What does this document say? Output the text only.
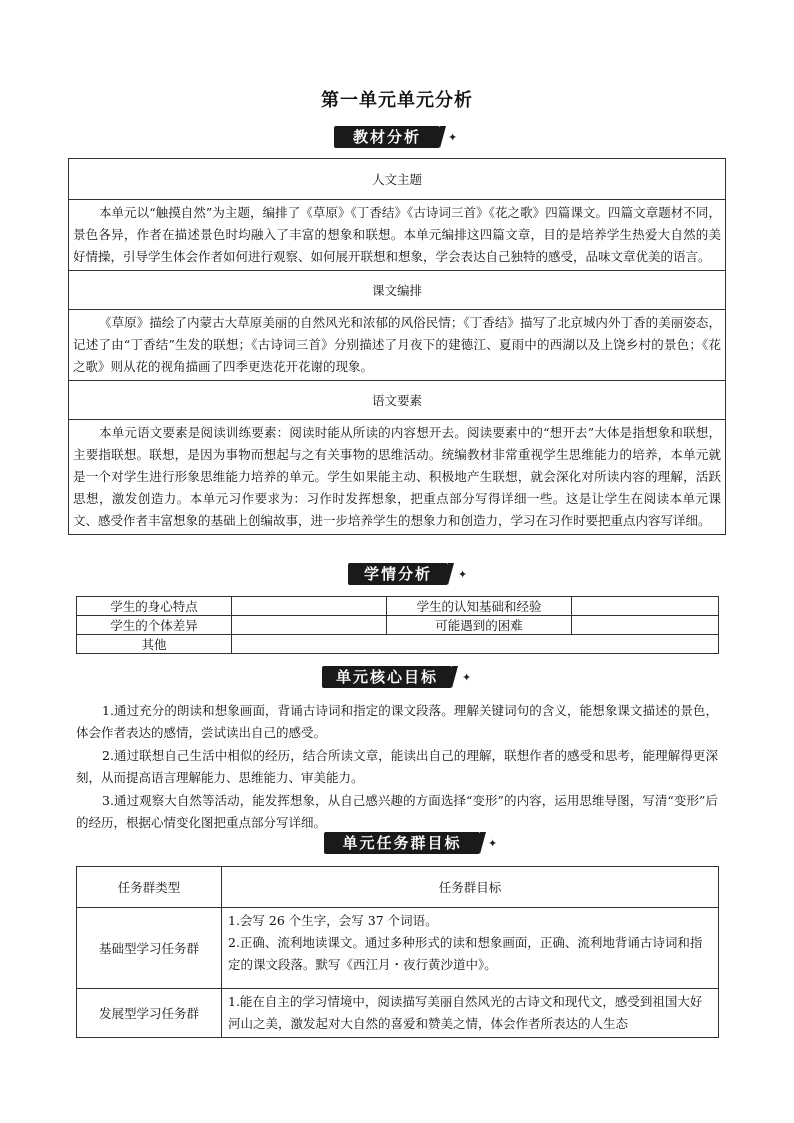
第一单元单元分析
教材分析	✦
人文主题
本单元以“触摸自然”为主题，编排了《草原》《丁香结》《古诗词三首》《花之歌》四篇课文。四篇文章题材不同，景色各异，作者在描述景色时均融入了丰富的想象和联想。本单元编排这四篇文章，目的是培养学生热爱大自然的美好情操，引导学生体会作者如何进行观察、如何展开联想和想象，学会表达自己独特的感受，品味文章优美的语言。
课文编排
《草原》描绘了内蒙古大草原美丽的自然风光和浓郁的风俗民情；《丁香结》描写了北京城内外丁香的美丽姿态，记述了由“丁香结”生发的联想；《古诗词三首》分别描述了月夜下的建德江、夏雨中的西湖以及上饶乡村的景色；《花之歌》则从花的视角描画了四季更迭花开花谢的现象。
语文要素
本单元语文要素是阅读训练要素：阅读时能从所读的内容想开去。阅读要素中的“想开去”大体是指想象和联想，主要指联想。联想，是因为事物而想起与之有关事物的思维活动。统编教材非常重视学生思维能力的培养，本单元就是一个对学生进行形象思维能力培养的单元。学生如果能主动、积极地产生联想，就会深化对所读内容的理解，活跃思想，激发创造力。本单元习作要求为：习作时发挥想象，把重点部分写得详细一些。这是让学生在阅读本单元课文、感受作者丰富想象的基础上创编故事，进一步培养学生的想象力和创造力，学习在习作时要把重点内容写详细。
学情分析	✦
学生的身心特点		学生的认知基础和经验	
学生的个体差异		可能遇到的困难	
其他			
单元核心目标	✦

1.通过充分的朗读和想象画面，背诵古诗词和指定的课文段落。理解关键词句的含义，能想象课文描述的景色，体会作者表达的感情，尝试读出自己的感受。

2.通过联想自己生活中相似的经历，结合所读文章，能读出自己的理解，联想作者的感受和思考，能理解得更深刻，从而提高语言理解能力、思维能力、审美能力。

3.通过观察大自然等活动，能发挥想象，从自己感兴趣的方面选择“变形”的内容，运用思维导图，写清“变形”后的经历，根据心情变化图把重点部分写详细。

单元任务群目标	✦
任务群类型	任务群目标
基础型学习任务群	1.会写 26 个生字，会写 37 个词语。
2.正确、流利地读课文。通过多种形式的读和想象画面，正确、流利地背诵古诗词和指定的课文段落。默写《西江月・夜行黄沙道中》。

发展型学习任务群	1.能在自主的学习情境中，阅读描写美丽自然风光的古诗文和现代文，感受到祖国大好河山之美，激发起对大自然的喜爱和赞美之情，体会作者所表达的人生态
